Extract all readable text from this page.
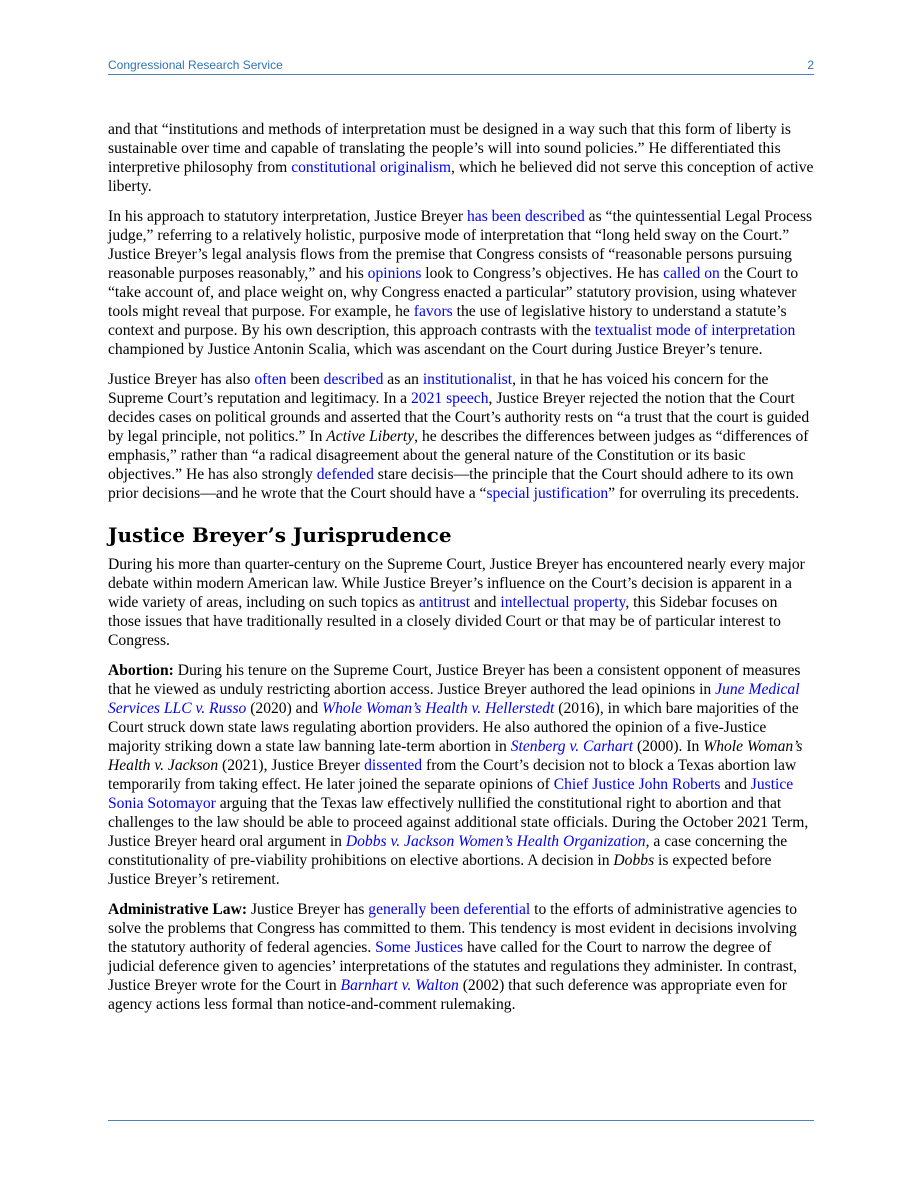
Congressional Research Service	2

and that “institutions and methods of interpretation must be designed in a way such that this form of liberty is sustainable over time and capable of translating the people’s will into sound policies.” He differentiated this interpretive philosophy from constitutional originalism, which he believed did not serve this conception of active liberty.

In his approach to statutory interpretation, Justice Breyer has been described as “the quintessential Legal Process judge,” referring to a relatively holistic, purposive mode of interpretation that “long held sway on the Court.” Justice Breyer’s legal analysis flows from the premise that Congress consists of “reasonable persons pursuing reasonable purposes reasonably,” and his opinions look to Congress’s objectives. He has called on the Court to “take account of, and place weight on, why Congress enacted a particular” statutory provision, using whatever tools might reveal that purpose. For example, he favors the use of legislative history to understand a statute’s context and purpose. By his own description, this approach contrasts with the textualist mode of interpretation championed by Justice Antonin Scalia, which was ascendant on the Court during Justice Breyer’s tenure.

Justice Breyer has also often been described as an institutionalist, in that he has voiced his concern for the Supreme Court’s reputation and legitimacy. In a 2021 speech, Justice Breyer rejected the notion that the Court decides cases on political grounds and asserted that the Court’s authority rests on “a trust that the court is guided by legal principle, not politics.” In Active Liberty, he describes the differences between judges as “differences of emphasis,” rather than “a radical disagreement about the general nature of the Constitution or its basic objectives.” He has also strongly defended stare decisis—the principle that the Court should adhere to its own prior decisions—and he wrote that the Court should have a “special justification” for overruling its precedents.

Justice Breyer’s Jurisprudence

During his more than quarter-century on the Supreme Court, Justice Breyer has encountered nearly every major debate within modern American law. While Justice Breyer’s influence on the Court’s decision is apparent in a wide variety of areas, including on such topics as antitrust and intellectual property, this Sidebar focuses on those issues that have traditionally resulted in a closely divided Court or that may be of particular interest to Congress.

Abortion: During his tenure on the Supreme Court, Justice Breyer has been a consistent opponent of measures that he viewed as unduly restricting abortion access. Justice Breyer authored the lead opinions in June Medical Services LLC v. Russo (2020) and Whole Woman’s Health v. Hellerstedt (2016), in which bare majorities of the Court struck down state laws regulating abortion providers. He also authored the opinion of a five-Justice majority striking down a state law banning late-term abortion in Stenberg v. Carhart (2000). In Whole Woman’s Health v. Jackson (2021), Justice Breyer dissented from the Court’s decision not to block a Texas abortion law temporarily from taking effect. He later joined the separate opinions of Chief Justice John Roberts and Justice Sonia Sotomayor arguing that the Texas law effectively nullified the constitutional right to abortion and that challenges to the law should be able to proceed against additional state officials. During the October 2021 Term, Justice Breyer heard oral argument in Dobbs v. Jackson Women’s Health Organization, a case concerning the constitutionality of pre-viability prohibitions on elective abortions. A decision in Dobbs is expected before Justice Breyer’s retirement.

Administrative Law: Justice Breyer has generally been deferential to the efforts of administrative agencies to solve the problems that Congress has committed to them. This tendency is most evident in decisions involving the statutory authority of federal agencies. Some Justices have called for the Court to narrow the degree of judicial deference given to agencies’ interpretations of the statutes and regulations they administer. In contrast, Justice Breyer wrote for the Court in Barnhart v. Walton (2002) that such deference was appropriate even for agency actions less formal than notice-and-comment rulemaking.
